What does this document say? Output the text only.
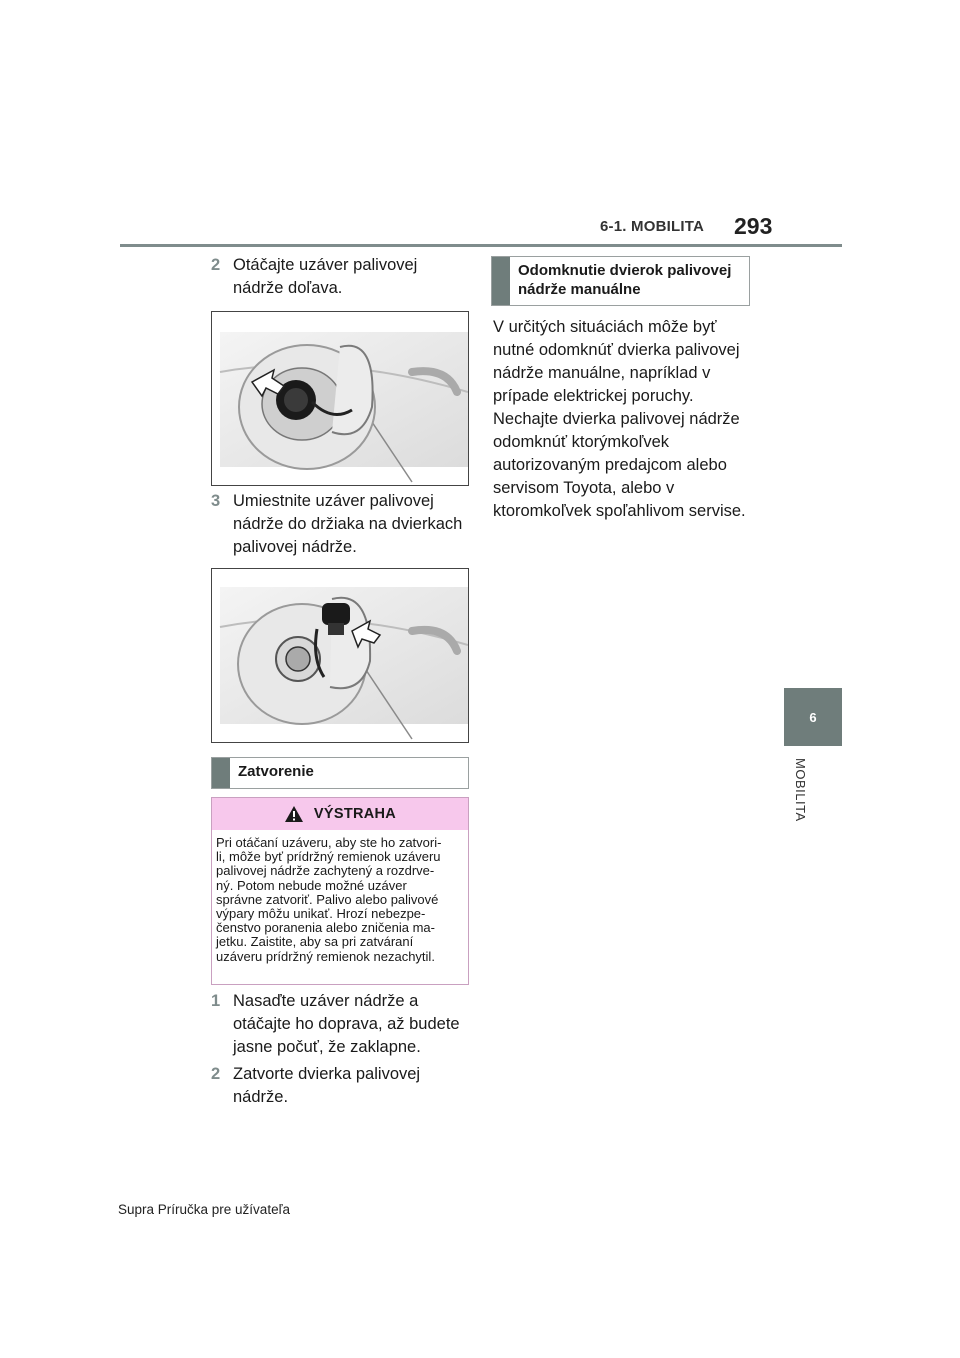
6-1. MOBILITA 293
6
MOBILITA
2 Otáčajte uzáver palivovej nádrže doľava.
3 Umiestnite uzáver palivovej nádrže do držiaka na dvierkach palivovej nádrže.
Zatvorenie
VÝSTRAHA
Pri otáčaní uzáveru, aby ste ho zatvori-
li, môže byť prídržný remienok uzáveru
palivovej nádrže zachytený a rozdrve-
ný. Potom nebude možné uzáver
správne zatvoriť. Palivo alebo palivové
výpary môžu unikať. Hrozí nebezpe-
čenstvo poranenia alebo zničenia ma-
jetku. Zaistite, aby sa pri zatváraní
uzáveru prídržný remienok nezachytil.
1 Nasaďte uzáver nádrže a otáčajte ho doprava, až budete jasne počuť, že zaklapne.
2 Zatvorte dvierka palivovej nádrže.
Odomknutie dvierok palivovej nádrže manuálne
V určitých situáciách môže byť nutné odomknúť dvierka palivovej nádrže manuálne, napríklad v prípade elektrickej poruchy.
Nechajte dvierka palivovej nádrže odomknúť ktorýmkoľvek autorizovaným predajcom alebo servisom Toyota, alebo v ktoromkoľvek spoľahlivom servise.
Supra Príručka pre užívateľa
